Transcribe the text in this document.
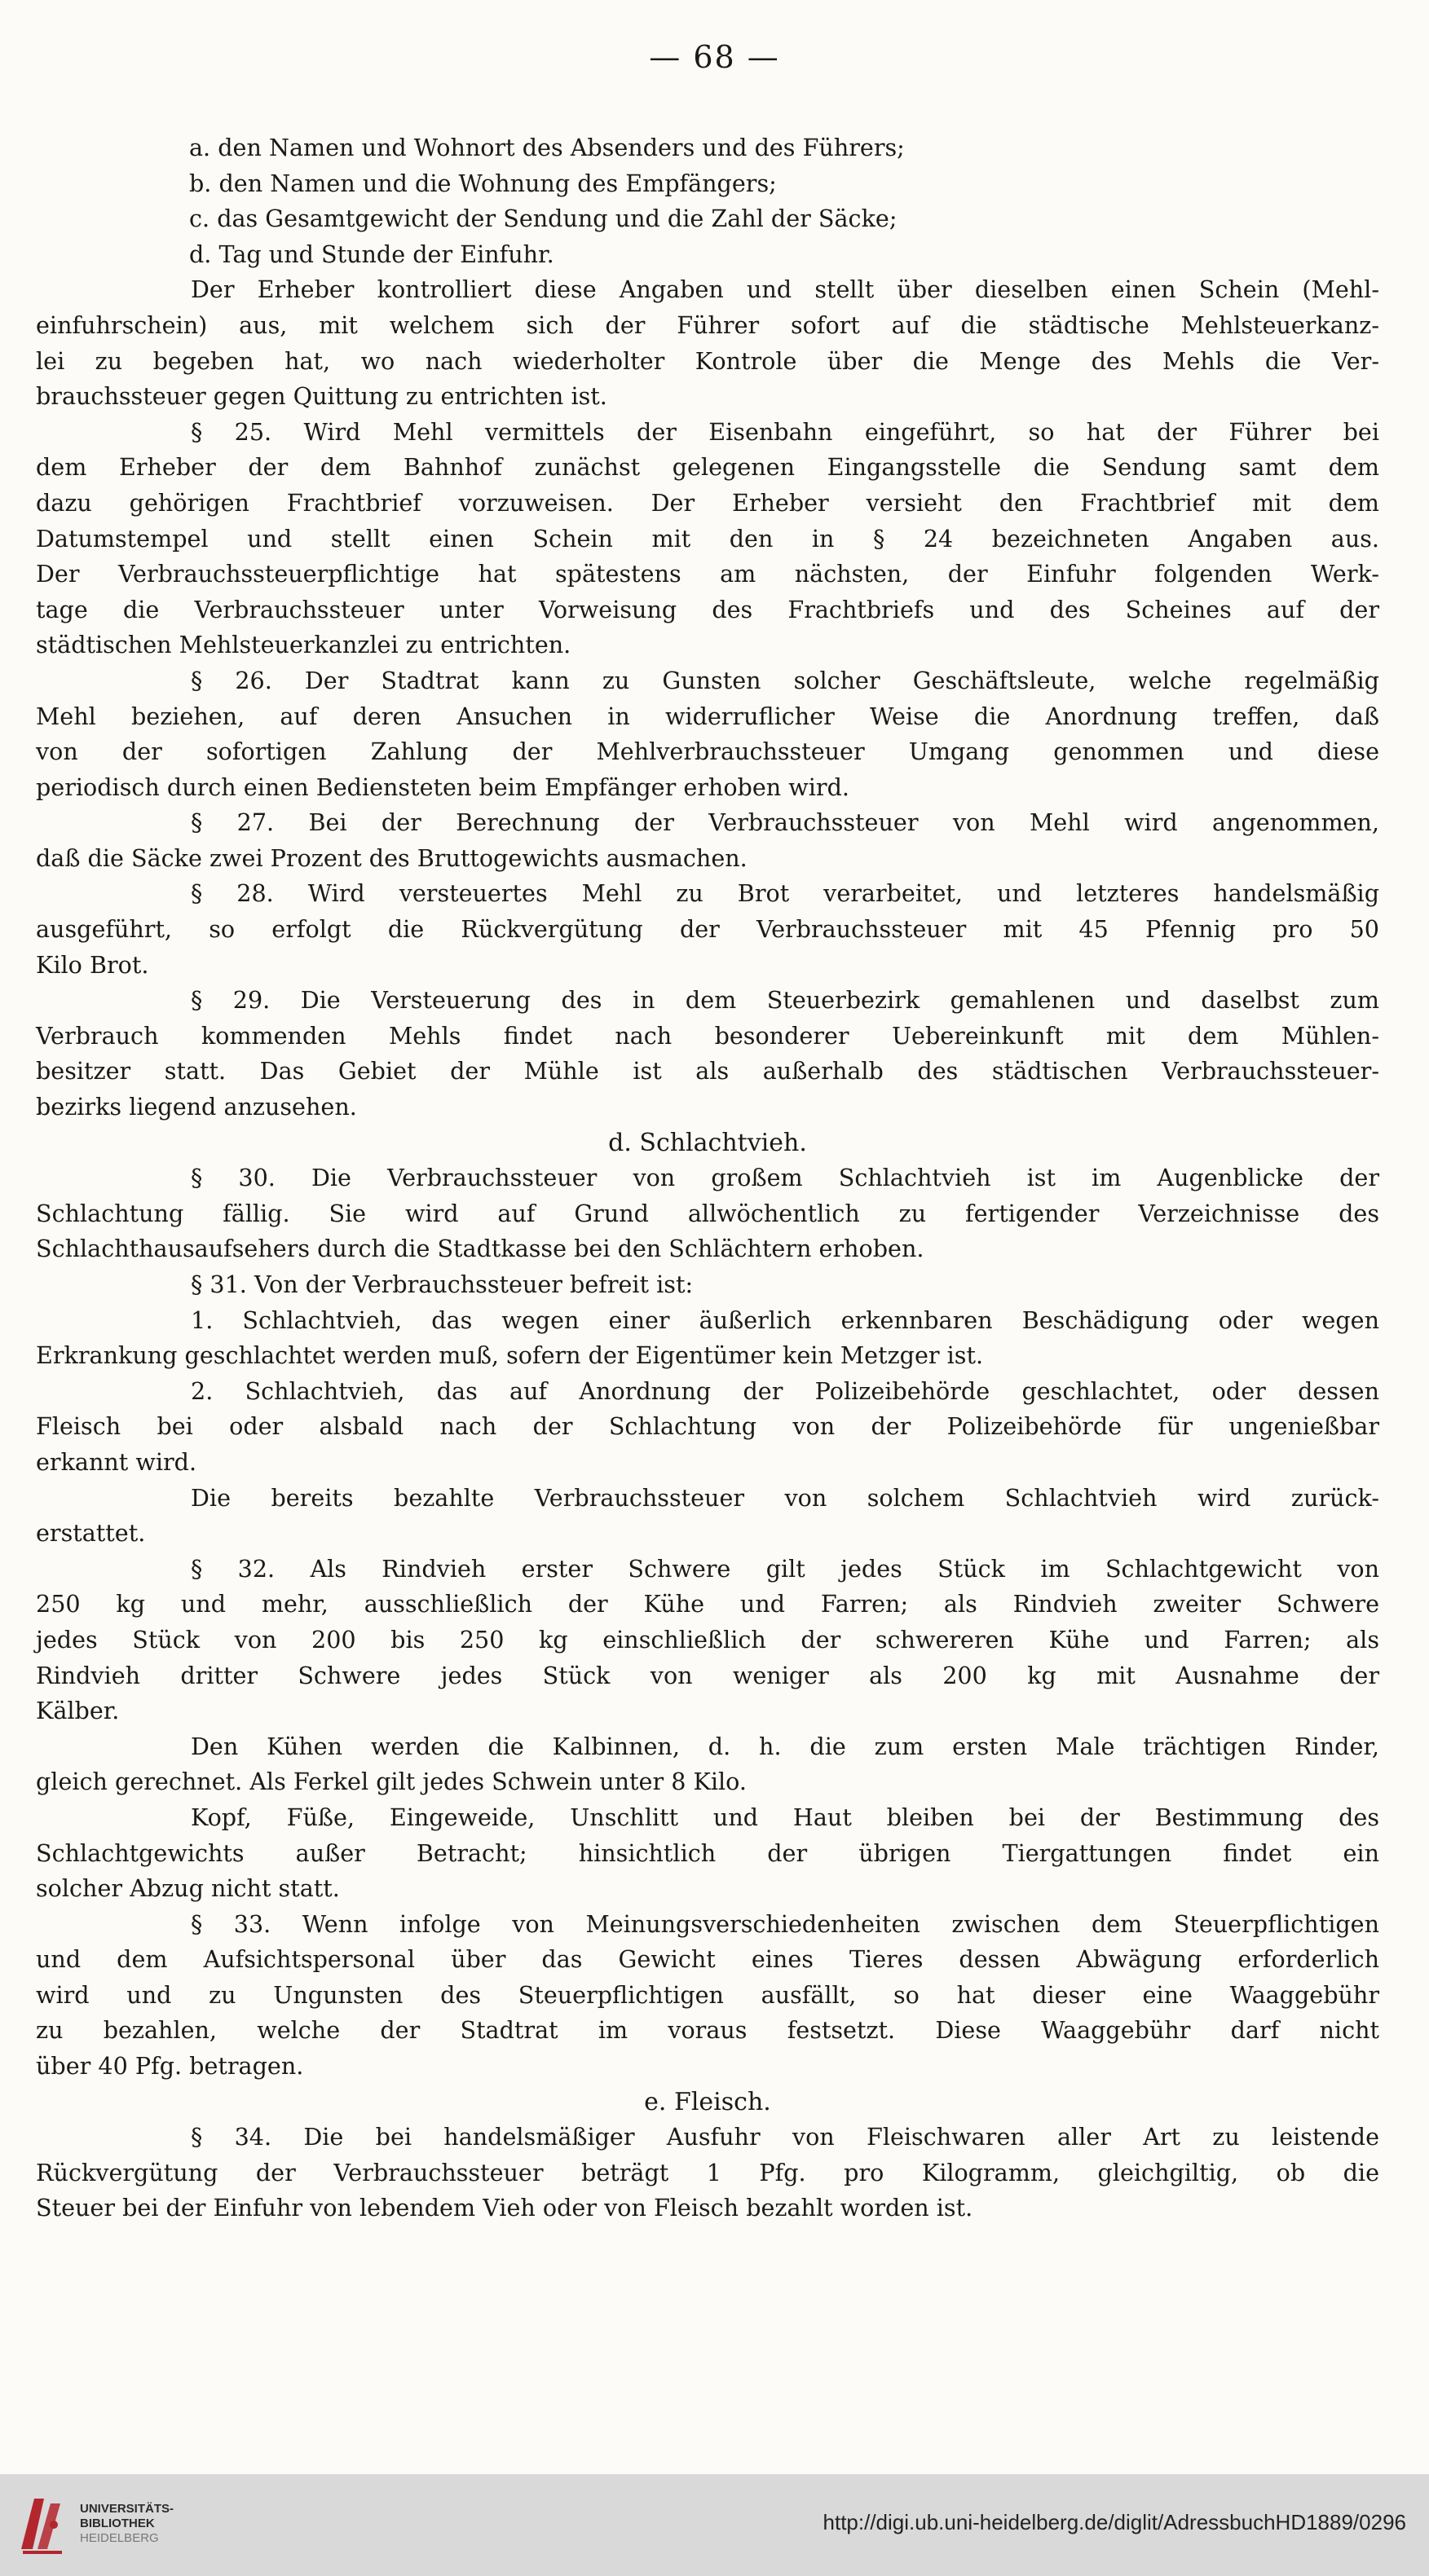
— 68 —
a. den Namen und Wohnort des Absenders und des Führers;
b. den Namen und die Wohnung des Empfängers;
c. das Gesamtgewicht der Sendung und die Zahl der Säcke;
d. Tag und Stunde der Einfuhr.
Der Erheber kontrolliert diese Angaben und stellt über dieselben einen Schein (Mehl-
einfuhrschein) aus, mit welchem sich der Führer sofort auf die städtische Mehlsteuerkanz-
lei zu begeben hat, wo nach wiederholter Kontrole über die Menge des Mehls die Ver-
brauchssteuer gegen Quittung zu entrichten ist.
§ 25. Wird Mehl vermittels der Eisenbahn eingeführt, so hat der Führer bei
dem Erheber der dem Bahnhof zunächst gelegenen Eingangsstelle die Sendung samt dem
dazu gehörigen Frachtbrief vorzuweisen. Der Erheber versieht den Frachtbrief mit dem
Datumstempel und stellt einen Schein mit den in § 24 bezeichneten Angaben aus.
Der Verbrauchssteuerpflichtige hat spätestens am nächsten, der Einfuhr folgenden Werk-
tage die Verbrauchssteuer unter Vorweisung des Frachtbriefs und des Scheines auf der
städtischen Mehlsteuerkanzlei zu entrichten.
§ 26. Der Stadtrat kann zu Gunsten solcher Geschäftsleute, welche regelmäßig
Mehl beziehen, auf deren Ansuchen in widerruflicher Weise die Anordnung treffen, daß
von der sofortigen Zahlung der Mehlverbrauchssteuer Umgang genommen und diese
periodisch durch einen Bediensteten beim Empfänger erhoben wird.
§ 27. Bei der Berechnung der Verbrauchssteuer von Mehl wird angenommen,
daß die Säcke zwei Prozent des Bruttogewichts ausmachen.
§ 28. Wird versteuertes Mehl zu Brot verarbeitet, und letzteres handelsmäßig
ausgeführt, so erfolgt die Rückvergütung der Verbrauchssteuer mit 45 Pfennig pro 50
Kilo Brot.
§ 29. Die Versteuerung des in dem Steuerbezirk gemahlenen und daselbst zum
Verbrauch kommenden Mehls findet nach besonderer Uebereinkunft mit dem Mühlen-
besitzer statt. Das Gebiet der Mühle ist als außerhalb des städtischen Verbrauchssteuer-
bezirks liegend anzusehen.
d. Schlachtvieh.
§ 30. Die Verbrauchssteuer von großem Schlachtvieh ist im Augenblicke der
Schlachtung fällig. Sie wird auf Grund allwöchentlich zu fertigender Verzeichnisse des
Schlachthausaufsehers durch die Stadtkasse bei den Schlächtern erhoben.
§ 31. Von der Verbrauchssteuer befreit ist:
1. Schlachtvieh, das wegen einer äußerlich erkennbaren Beschädigung oder wegen
Erkrankung geschlachtet werden muß, sofern der Eigentümer kein Metzger ist.
2. Schlachtvieh, das auf Anordnung der Polizeibehörde geschlachtet, oder dessen
Fleisch bei oder alsbald nach der Schlachtung von der Polizeibehörde für ungenießbar
erkannt wird.
Die bereits bezahlte Verbrauchssteuer von solchem Schlachtvieh wird zurück-
erstattet.
§ 32. Als Rindvieh erster Schwere gilt jedes Stück im Schlachtgewicht von
250 kg und mehr, ausschließlich der Kühe und Farren; als Rindvieh zweiter Schwere
jedes Stück von 200 bis 250 kg einschließlich der schwereren Kühe und Farren; als
Rindvieh dritter Schwere jedes Stück von weniger als 200 kg mit Ausnahme der
Kälber.
Den Kühen werden die Kalbinnen, d. h. die zum ersten Male trächtigen Rinder,
gleich gerechnet. Als Ferkel gilt jedes Schwein unter 8 Kilo.
Kopf, Füße, Eingeweide, Unschlitt und Haut bleiben bei der Bestimmung des
Schlachtgewichts außer Betracht; hinsichtlich der übrigen Tiergattungen findet ein
solcher Abzug nicht statt.
§ 33. Wenn infolge von Meinungsverschiedenheiten zwischen dem Steuerpflichtigen
und dem Aufsichtspersonal über das Gewicht eines Tieres dessen Abwägung erforderlich
wird und zu Ungunsten des Steuerpflichtigen ausfällt, so hat dieser eine Waaggebühr
zu bezahlen, welche der Stadtrat im voraus festsetzt. Diese Waaggebühr darf nicht
über 40 Pfg. betragen.
e. Fleisch.
§ 34. Die bei handelsmäßiger Ausfuhr von Fleischwaren aller Art zu leistende
Rückvergütung der Verbrauchssteuer beträgt 1 Pfg. pro Kilogramm, gleichgiltig, ob die
Steuer bei der Einfuhr von lebendem Vieh oder von Fleisch bezahlt worden ist.
UNIVERSITÄTS-
BIBLIOTHEK
HEIDELBERG
http://digi.ub.uni-heidelberg.de/diglit/AdressbuchHD1889/0296
